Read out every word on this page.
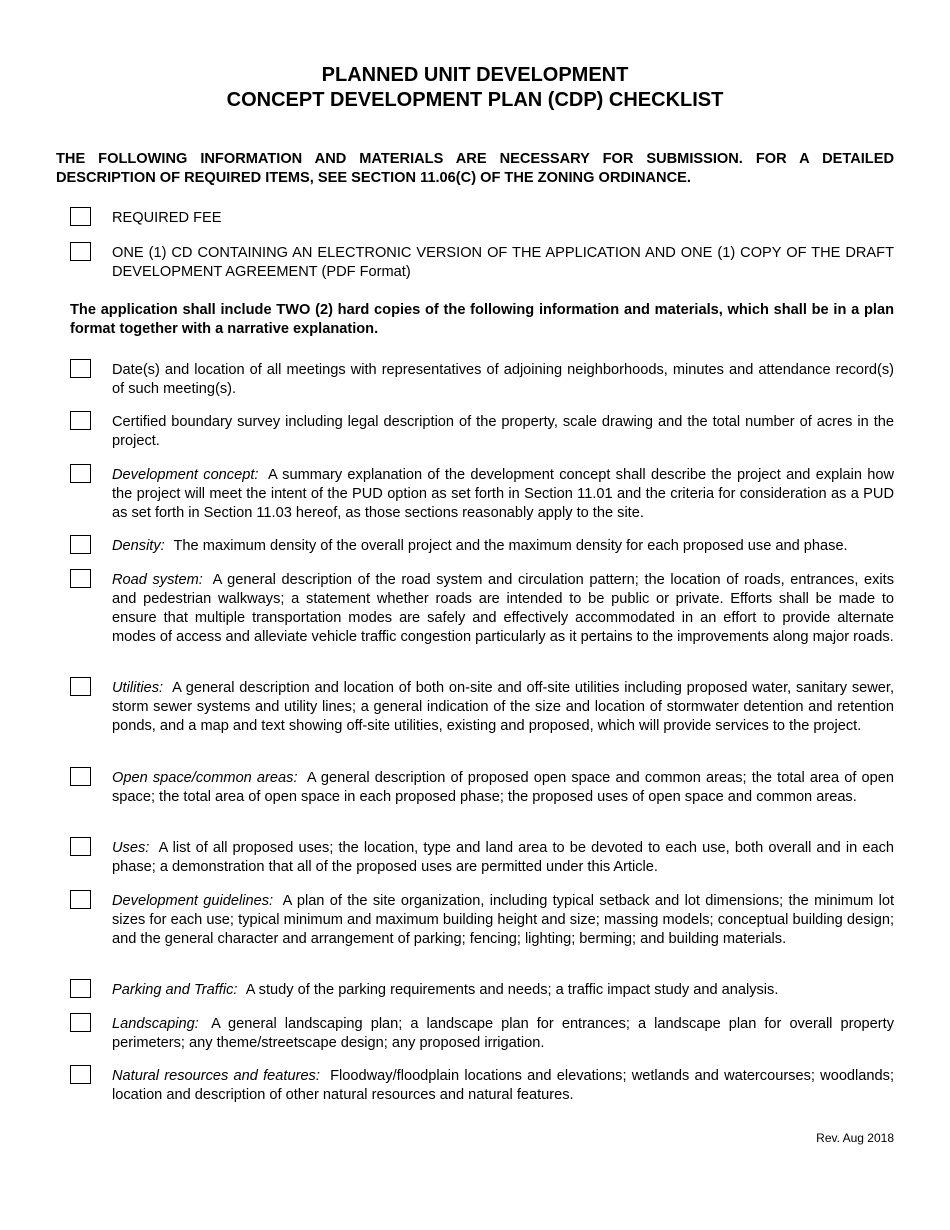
PLANNED UNIT DEVELOPMENT
CONCEPT DEVELOPMENT PLAN (CDP) CHECKLIST
THE FOLLOWING INFORMATION AND MATERIALS ARE NECESSARY FOR SUBMISSION. FOR A DETAILED DESCRIPTION OF REQUIRED ITEMS, SEE SECTION 11.06(C) OF THE ZONING ORDINANCE.
REQUIRED FEE
ONE (1) CD CONTAINING AN ELECTRONIC VERSION OF THE APPLICATION AND ONE (1) COPY OF THE DRAFT DEVELOPMENT AGREEMENT (PDF Format)
The application shall include TWO (2) hard copies of the following information and materials, which shall be in a plan format together with a narrative explanation.
Date(s) and location of all meetings with representatives of adjoining neighborhoods, minutes and attendance record(s) of such meeting(s).
Certified boundary survey including legal description of the property, scale drawing and the total number of acres in the project.
Development concept: A summary explanation of the development concept shall describe the project and explain how the project will meet the intent of the PUD option as set forth in Section 11.01 and the criteria for consideration as a PUD as set forth in Section 11.03 hereof, as those sections reasonably apply to the site.
Density: The maximum density of the overall project and the maximum density for each proposed use and phase.
Road system: A general description of the road system and circulation pattern; the location of roads, entrances, exits and pedestrian walkways; a statement whether roads are intended to be public or private. Efforts shall be made to ensure that multiple transportation modes are safely and effectively accommodated in an effort to provide alternate modes of access and alleviate vehicle traffic congestion particularly as it pertains to the improvements along major roads.
Utilities: A general description and location of both on-site and off-site utilities including proposed water, sanitary sewer, storm sewer systems and utility lines; a general indication of the size and location of stormwater detention and retention ponds, and a map and text showing off-site utilities, existing and proposed, which will provide services to the project.
Open space/common areas: A general description of proposed open space and common areas; the total area of open space; the total area of open space in each proposed phase; the proposed uses of open space and common areas.
Uses: A list of all proposed uses; the location, type and land area to be devoted to each use, both overall and in each phase; a demonstration that all of the proposed uses are permitted under this Article.
Development guidelines: A plan of the site organization, including typical setback and lot dimensions; the minimum lot sizes for each use; typical minimum and maximum building height and size; massing models; conceptual building design; and the general character and arrangement of parking; fencing; lighting; berming; and building materials.
Parking and Traffic: A study of the parking requirements and needs; a traffic impact study and analysis.
Landscaping: A general landscaping plan; a landscape plan for entrances; a landscape plan for overall property perimeters; any theme/streetscape design; any proposed irrigation.
Natural resources and features: Floodway/floodplain locations and elevations; wetlands and watercourses; woodlands; location and description of other natural resources and natural features.
Rev. Aug 2018
